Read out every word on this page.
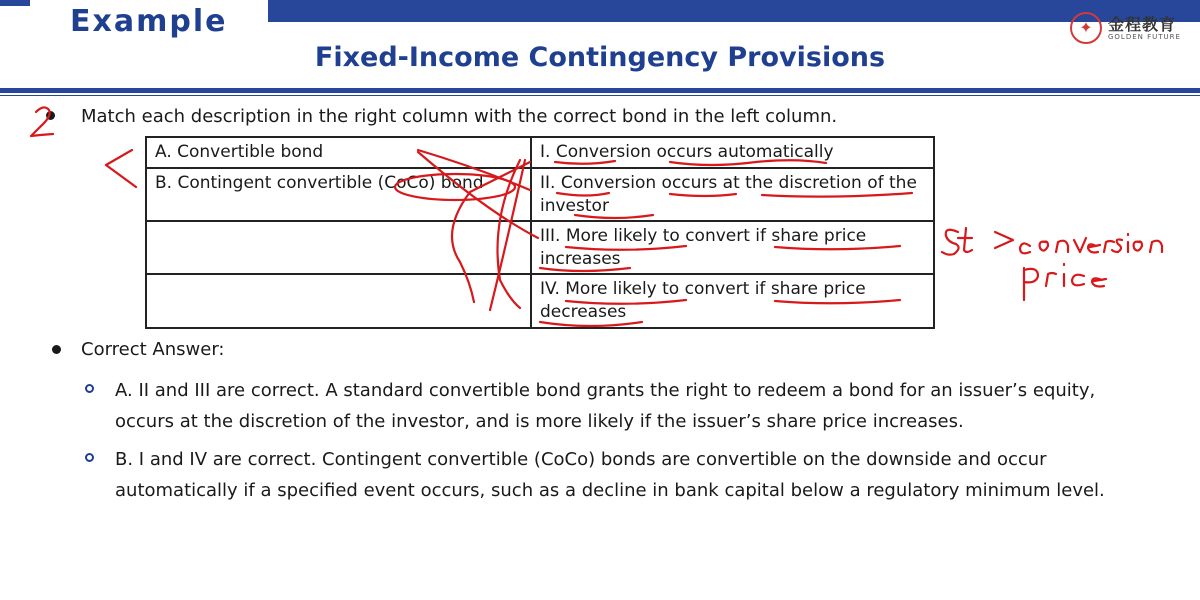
Example
Fixed-Income Contingency Provisions
✦ 金程教育
GOLDEN FUTURE
Match each description in the right column with the correct bond in the left column.
A. Convertible bond	I. Conversion occurs automatically
B. Contingent convertible (CoCo) bond	II. Conversion occurs at the discretion of the investor
	III. More likely to convert if share price increases
	IV. More likely to convert if share price decreases
Correct Answer:
A. II and III are correct. A standard convertible bond grants the right to redeem a bond for an issuer’s equity, occurs at the discretion of the investor, and is more likely if the issuer’s share price increases.
B. I and IV are correct. Contingent convertible (CoCo) bonds are convertible on the downside and occur automatically if a specified event occurs, such as a decline in bank capital below a regulatory minimum level.
